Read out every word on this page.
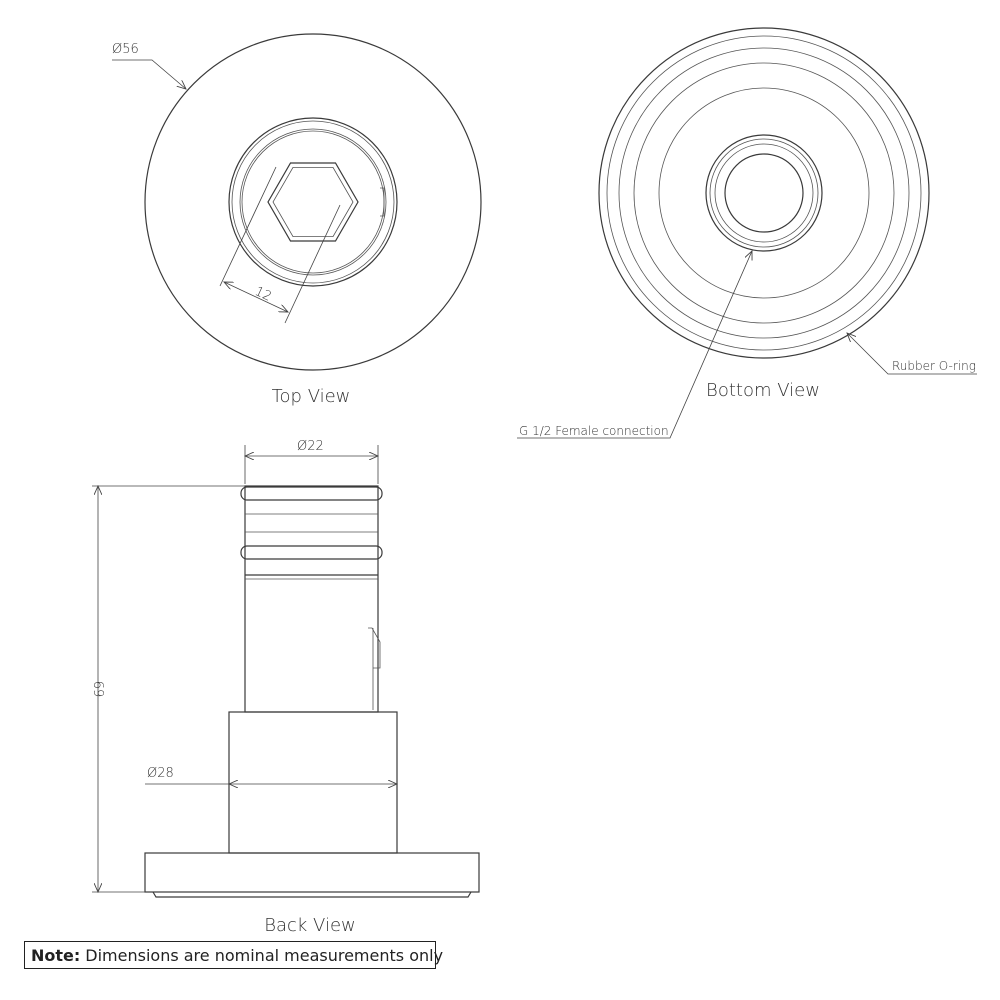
12
Ø56
Top View
Rubber O-ring
G 1/2 Female connection
Bottom View
Ø22
69
Ø28
Back View
Note: Dimensions are nominal measurements only
